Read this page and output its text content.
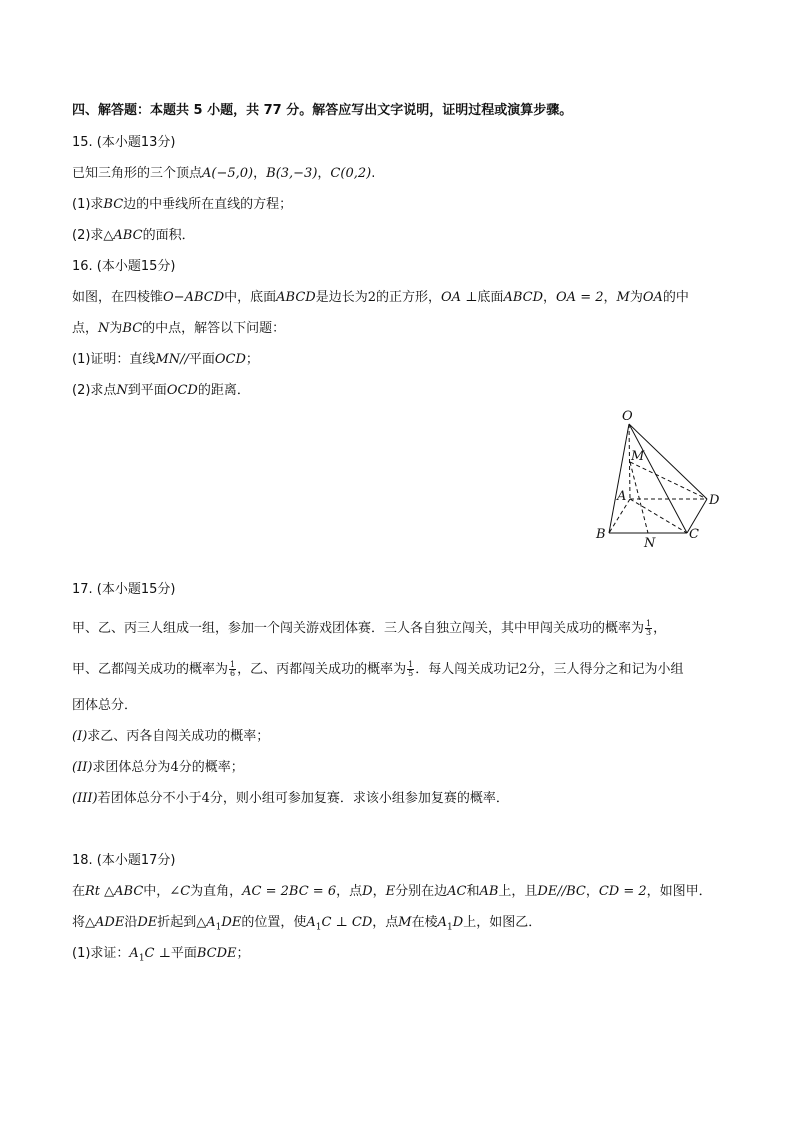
四、解答题：本题共 5 小题，共 77 分。解答应写出文字说明，证明过程或演算步骤。
15. (本小题13分)
已知三角形的三个顶点A(−5,0)，B(3,−3)，C(0,2).
(1)求BC边的中垂线所在直线的方程；
(2)求△ABC的面积．
16. (本小题15分)
如图，在四棱锥O−ABCD中，底面ABCD是边长为2的正方形，OA ⊥底面ABCD，OA = 2，M为OA的中
点，N为BC的中点，解答以下问题：
(1)证明：直线MN//平面OCD；
(2)求点N到平面OCD的距离．
O
M
A	D
B
N
C
17. (本小题15分)
甲、乙、丙三人组成一组，参加一个闯关游戏团体赛．三人各自独立闯关，其中甲闯关成功的概率为 $\frac{1}{3}$ ，
甲、乙都闯关成功的概率为 $\frac{1}{6}$ ，乙、丙都闯关成功的概率为 $\frac{1}{5}$ ．每人闯关成功记2分，三人得分之和记为小组
团体总分．
(I)求乙、丙各自闯关成功的概率；
(II)求团体总分为4分的概率；
(III)若团体总分不小于4分，则小组可参加复赛．求该小组参加复赛的概率．
18. (本小题17分)
在Rt △ABC中，∠C为直角，AC = 2BC = 6，点D，E分别在边AC和AB上，且DE//BC，CD = 2，如图甲．
将△ADE沿DE折起到$\triangle A_1DE$的位置，使$A_1C$ ⊥ CD，点M在棱$A_1D$上，如图乙．
(1)求证：$A_1C$ ⊥平面BCDE；
